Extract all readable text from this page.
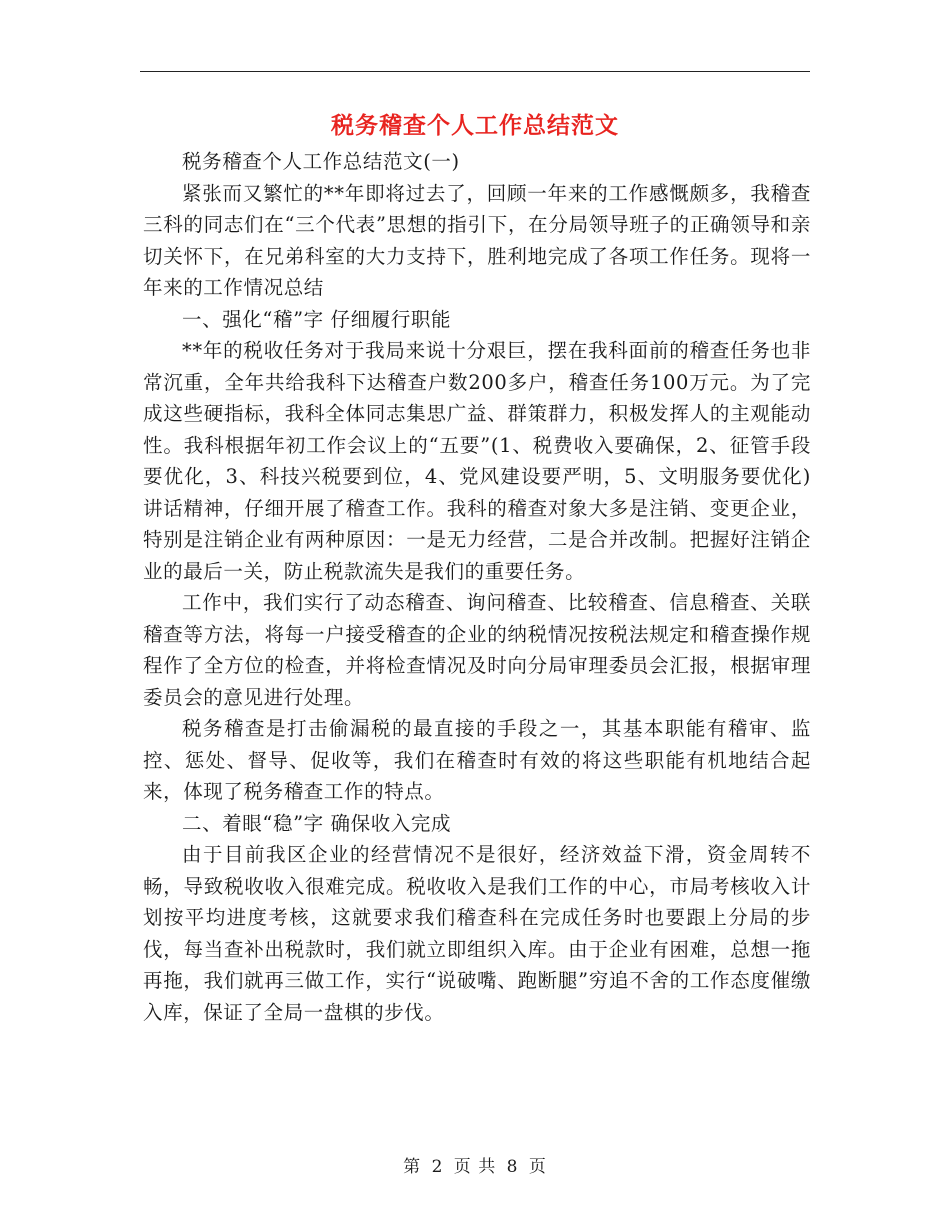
税务稽查个人工作总结范文

税务稽查个人工作总结范文(一)

紧张而又繁忙的**年即将过去了，回顾一年来的工作感慨颇多，我稽查三科的同志们在“三个代表”思想的指引下，在分局领导班子的正确领导和亲切关怀下，在兄弟科室的大力支持下，胜利地完成了各项工作任务。现将一年来的工作情况总结

一、强化“稽”字 仔细履行职能

**年的税收任务对于我局来说十分艰巨，摆在我科面前的稽查任务也非常沉重，全年共给我科下达稽查户数200多户，稽查任务100万元。为了完成这些硬指标，我科全体同志集思广益、群策群力，积极发挥人的主观能动性。我科根据年初工作会议上的“五要”(1、税费收入要确保，2、征管手段要优化，3、科技兴税要到位，4、党风建设要严明，5、文明服务要优化)讲话精神，仔细开展了稽查工作。我科的稽查对象大多是注销、变更企业，特别是注销企业有两种原因：一是无力经营，二是合并改制。把握好注销企业的最后一关，防止税款流失是我们的重要任务。

工作中，我们实行了动态稽查、询问稽查、比较稽查、信息稽查、关联稽查等方法，将每一户接受稽查的企业的纳税情况按税法规定和稽查操作规程作了全方位的检查，并将检查情况及时向分局审理委员会汇报，根据审理委员会的意见进行处理。

税务稽查是打击偷漏税的最直接的手段之一，其基本职能有稽审、监控、惩处、督导、促收等，我们在稽查时有效的将这些职能有机地结合起来，体现了税务稽查工作的特点。

二、着眼“稳”字 确保收入完成

由于目前我区企业的经营情况不是很好，经济效益下滑，资金周转不畅，导致税收收入很难完成。税收收入是我们工作的中心，市局考核收入计划按平均进度考核，这就要求我们稽查科在完成任务时也要跟上分局的步伐，每当查补出税款时，我们就立即组织入库。由于企业有困难，总想一拖再拖，我们就再三做工作，实行“说破嘴、跑断腿”穷追不舍的工作态度催缴入库，保证了全局一盘棋的步伐。

第 2 页 共 8 页
